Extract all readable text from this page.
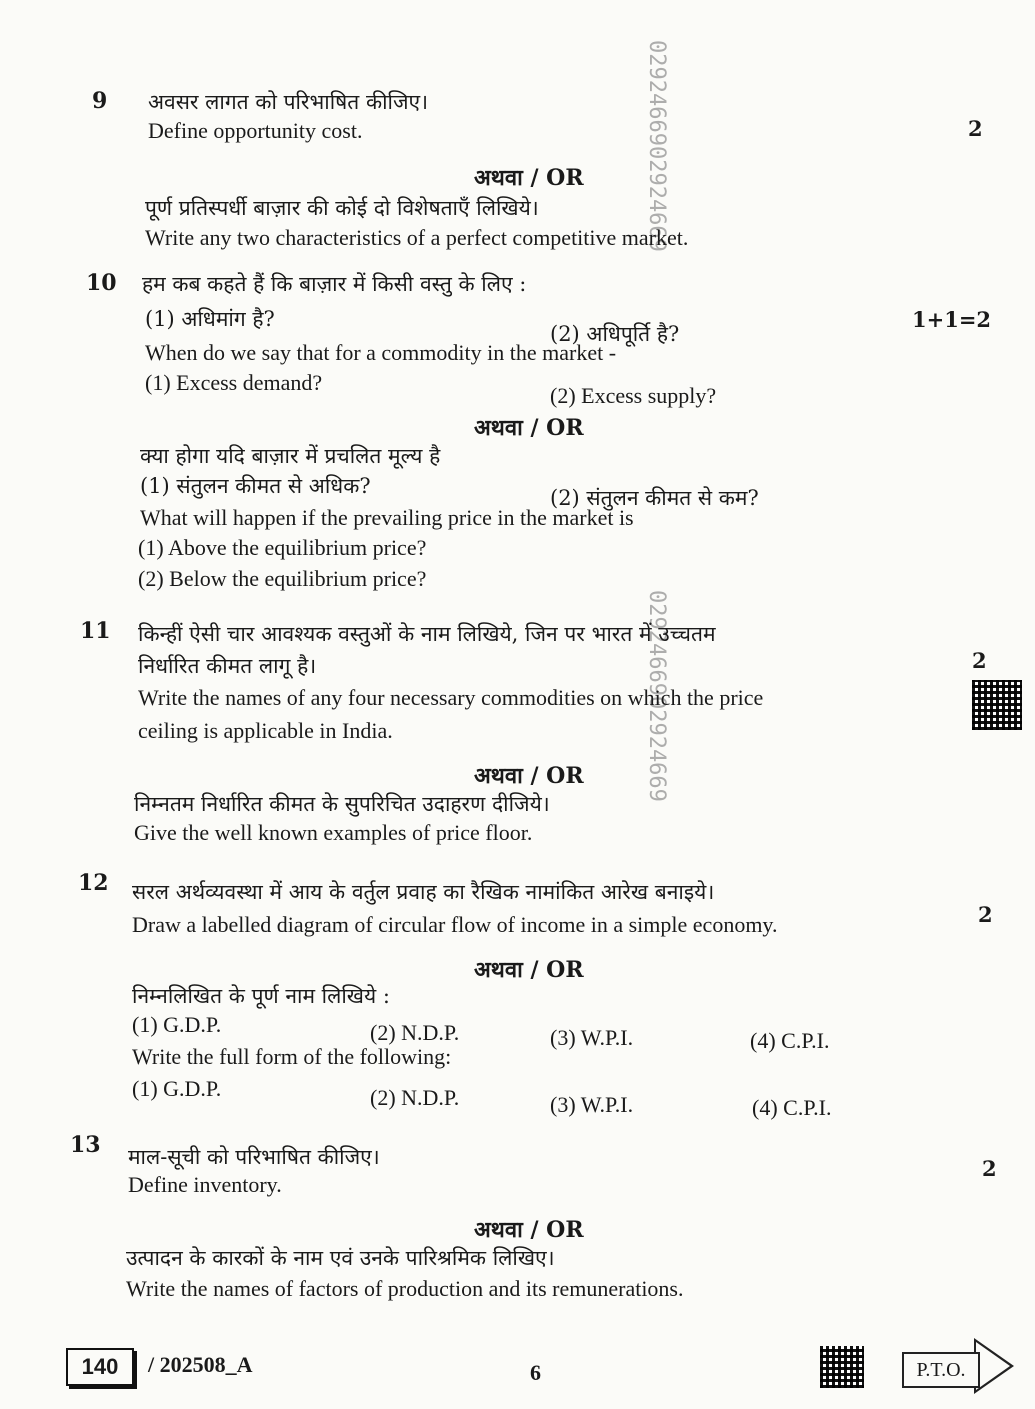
0292466902924669
0292466902924669
9 अवसर लागत को परिभाषित कीजिए।
Define opportunity cost.	2
अथवा / OR
पूर्ण प्रतिस्पर्धी बाज़ार की कोई दो विशेषताएँ लिखिये।
Write any two characteristics of a perfect competitive market.
10 हम कब कहते हैं कि बाज़ार में किसी वस्तु के लिए :
(1) अधिमांग है?
(2) अधिपूर्ति है?
1+1=2
When do we say that for a commodity in the market -
(1) Excess demand?
(2) Excess supply?
अथवा / OR
क्या होगा यदि बाज़ार में प्रचलित मूल्य है
(1) संतुलन कीमत से अधिक?	(2) संतुलन कीमत से कम?
What will happen if the prevailing price in the market is
(1) Above the equilibrium price?
(2) Below the equilibrium price?
11 किन्हीं ऐसी चार आवश्यक वस्तुओं के नाम लिखिये, जिन पर भारत में उच्चतम
निर्धारित कीमत लागू है।	2
Write the names of any four necessary commodities on which the price
ceiling is applicable in India.
अथवा / OR
निम्नतम निर्धारित कीमत के सुपरिचित उदाहरण दीजिये।
Give the well known examples of price floor.
12 सरल अर्थव्यवस्था में आय के वर्तुल प्रवाह का रैखिक नामांकित आरेख बनाइये।
2
Draw a labelled diagram of circular flow of income in a simple economy.
अथवा / OR
निम्नलिखित के पूर्ण नाम लिखिये :
(1) G.D.P.	(2) N.D.P.	(3) W.P.I.	(4) C.P.I.
Write the full form of the following:
(1) G.D.P.	(2) N.D.P.	(3) W.P.I.	(4) C.P.I.
13 माल-सूची को परिभाषित कीजिए।	2
Define inventory.
अथवा / OR
उत्पादन के कारकों के नाम एवं उनके पारिश्रमिक लिखिए।
Write the names of factors of production and its remunerations.
140	/ 202508_A	6	P.T.O.
